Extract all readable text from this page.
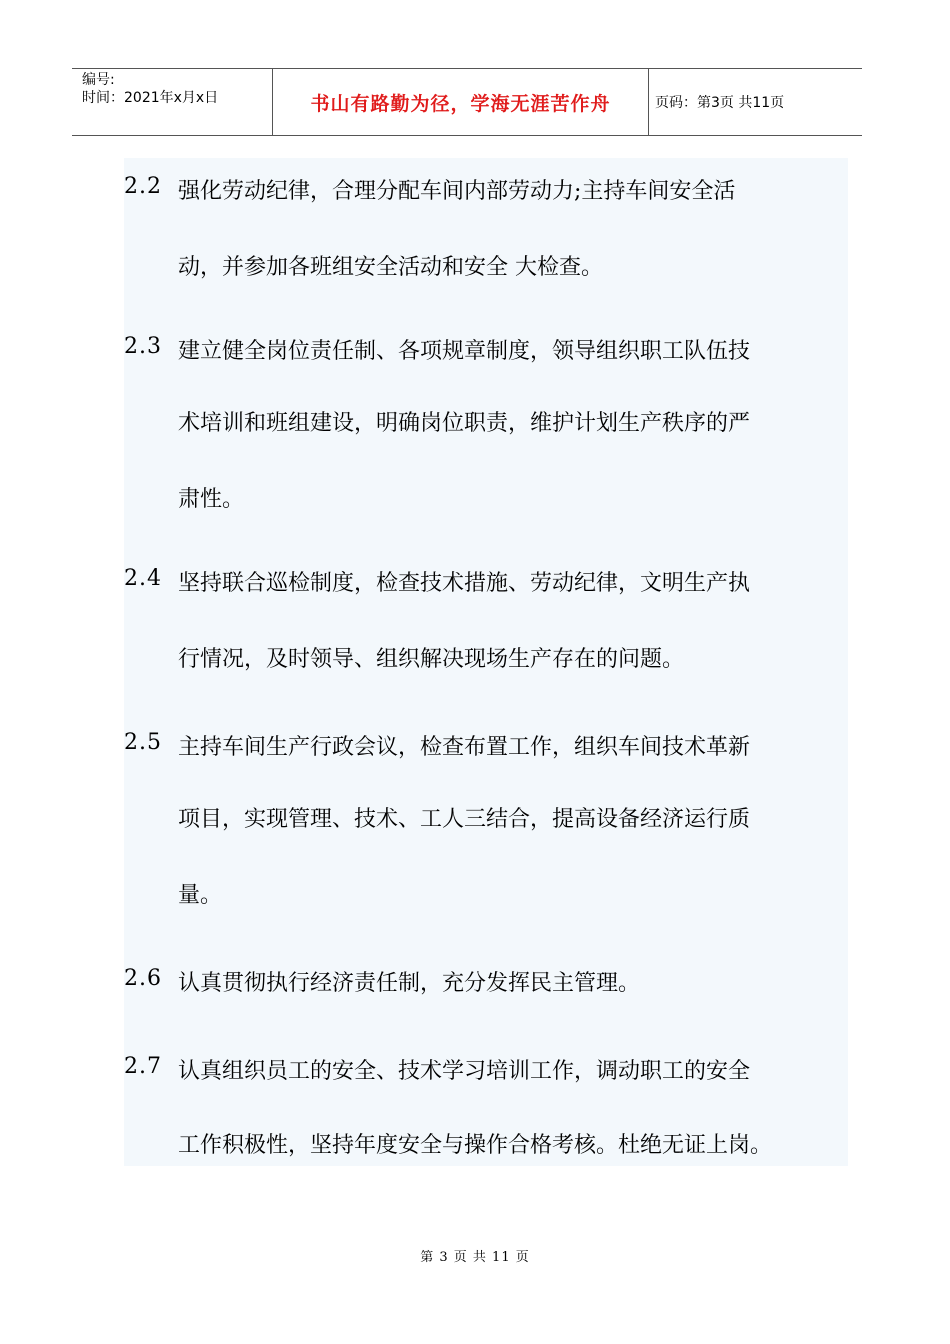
编号:
时间：2021年x月x日	书山有路勤为径，学海无涯苦作舟	页码：第3页 共11页
2.2 强化劳动纪律，合理分配车间内部劳动力;主持车间安全活
动，并参加各班组安全活动和安全 大检查。
2.3 建立健全岗位责任制、各项规章制度，领导组织职工队伍技
术培训和班组建设，明确岗位职责，维护计划生产秩序的严
肃性。
2.4 坚持联合巡检制度，检查技术措施、劳动纪律，文明生产执
行情况，及时领导、组织解决现场生产存在的问题。
2.5 主持车间生产行政会议，检查布置工作，组织车间技术革新
项目，实现管理、技术、工人三结合，提高设备经济运行质
量。
2.6 认真贯彻执行经济责任制，充分发挥民主管理。
2.7 认真组织员工的安全、技术学习培训工作，调动职工的安全
工作积极性，坚持年度安全与操作合格考核。杜绝无证上岗。
第 3 页 共 11 页
